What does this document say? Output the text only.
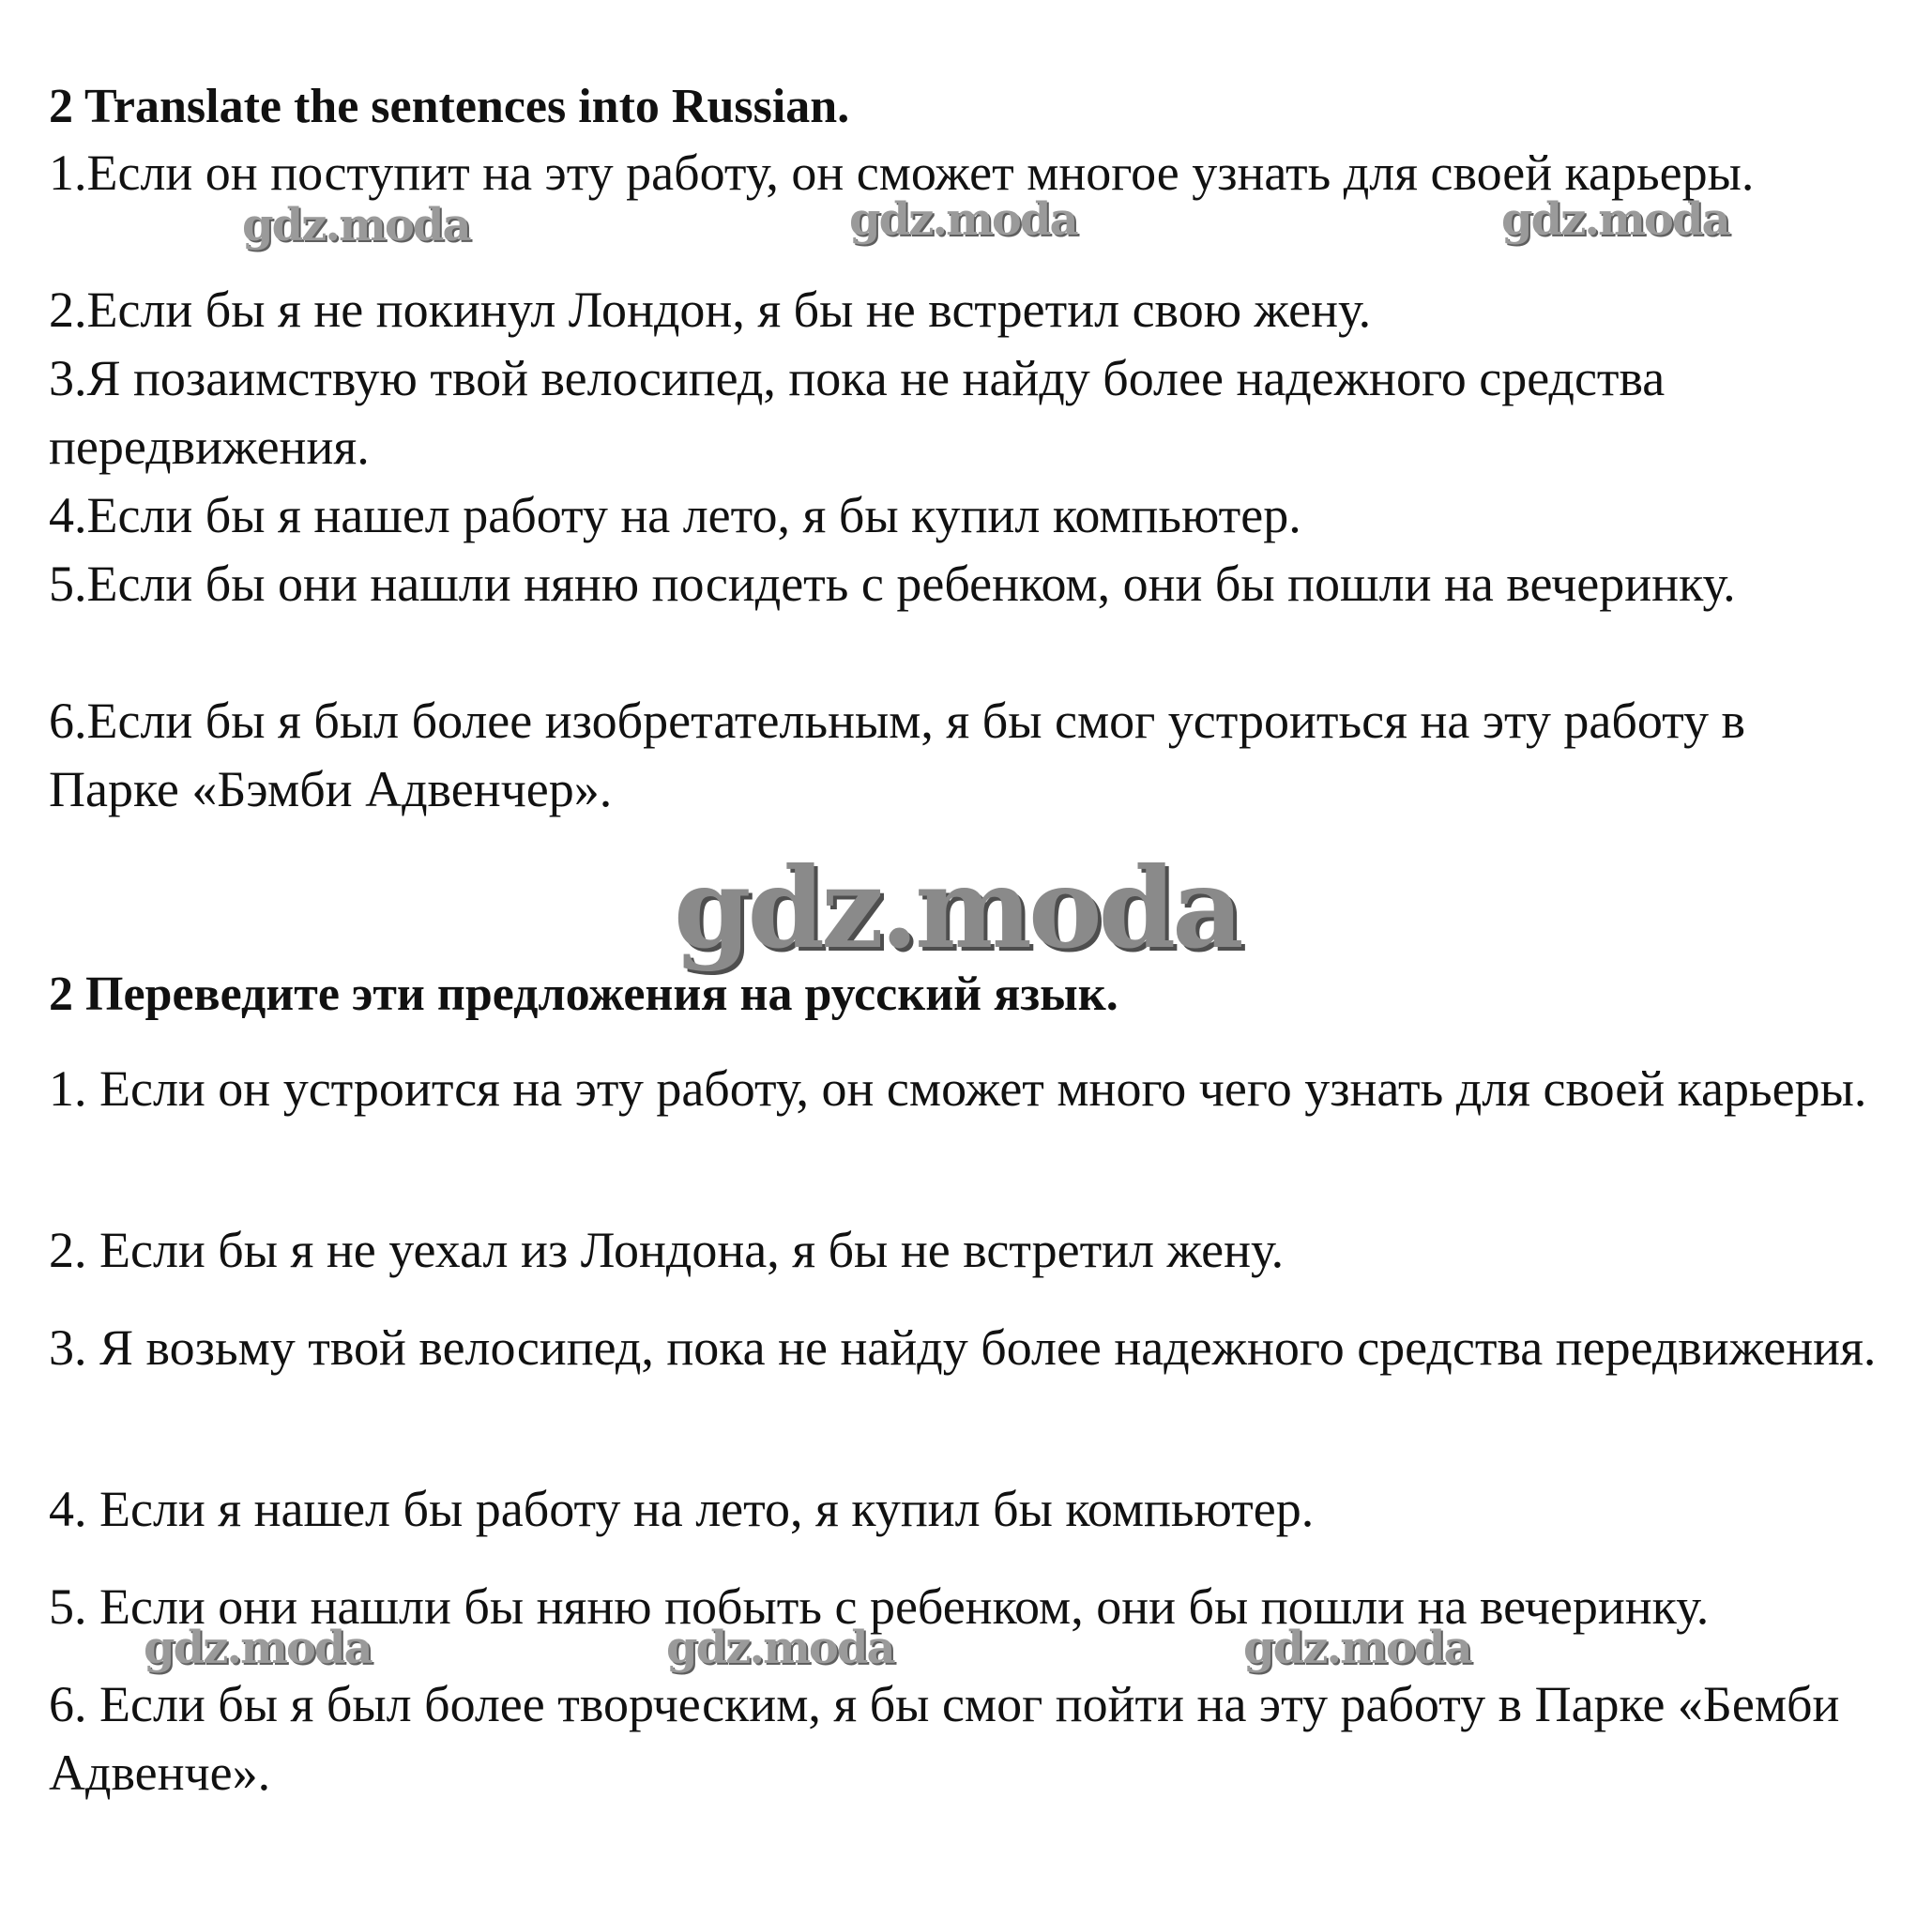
2 Translate the sentences into Russian.
1.Если он поступит на эту работу, он сможет многое узнать для своей карьеры.
2.Если бы я не покинул Лондон, я бы не встретил свою жену.
3.Я позаимствую твой велосипед, пока не найду более надежного средства передвижения.
4.Если бы я нашел работу на лето, я бы купил компьютер.
5.Если бы они нашли няню посидеть с ребенком, они бы пошли на вечеринку.
6.Если бы я был более изобретательным, я бы смог устроиться на эту работу в Парке «Бэмби Адвенчер».
2 Переведите эти предложения на русский язык.
1. Если он устроится на эту работу, он сможет много чего узнать для своей карьеры.
2. Если бы я не уехал из Лондона, я бы не встретил жену.
3. Я возьму твой велосипед, пока не найду более надежного средства передвижения.
4. Если я нашел бы работу на лето, я купил бы компьютер.
5. Если они нашли бы няню побыть с ребенком, они бы пошли на вечеринку.
6. Если бы я был более творческим, я бы смог пойти на эту работу в Парке «Бемби Адвенче».
gdz.moda	gdz.moda	gdz.moda
gdz.moda
gdz.moda	gdz.moda	gdz.moda
